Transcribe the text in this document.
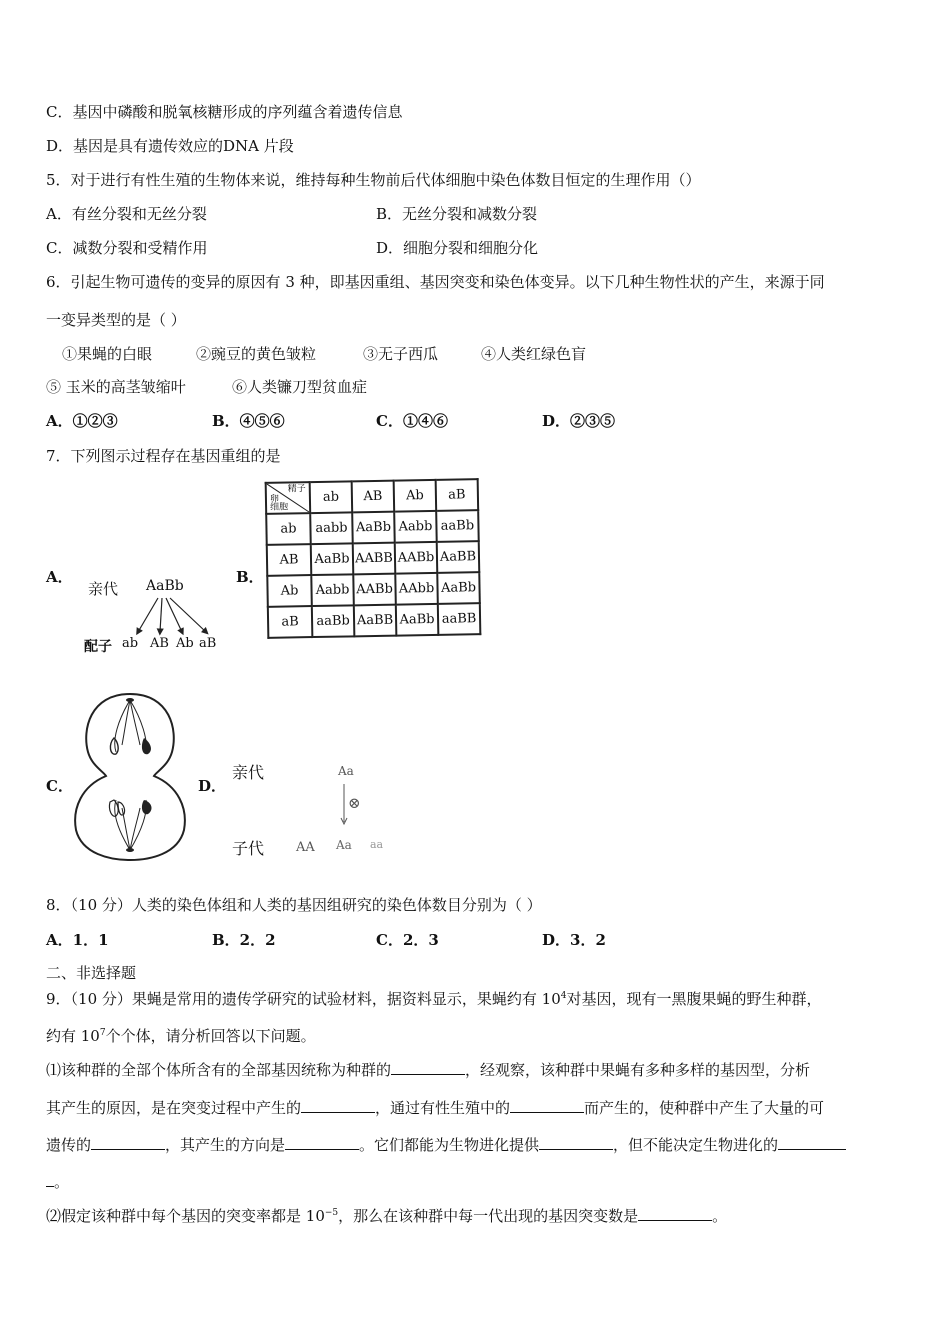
C．基因中磷酸和脱氧核糖形成的序列蕴含着遗传信息
D．基因是具有遗传效应的DNA 片段
5．对于进行有性生殖的生物体来说，维持每种生物前后代体细胞中染色体数目恒定的生理作用（）
A．有丝分裂和无丝分裂	B．无丝分裂和减数分裂
C．减数分裂和受精作用	D．细胞分裂和细胞分化
6．引起生物可遗传的变异的原因有 3 种，即基因重组、基因突变和染色体变异。以下几种生物性状的产生，来源于同
一变异类型的是（ ）
①果蝇的白眼	②豌豆的黄色皱粒	③无子西瓜	④人类红绿色盲
⑤ 玉米的高茎皱缩叶	⑥人类镰刀型贫血症
A．①②③	B．④⑤⑥	C．①④⑥	D．②③⑤
7．下列图示过程存在基因重组的是
A．
亲代 AaBb
配子 ab AB Ab aB
B．
精子
卵
细胞	ab	AB	Ab	aB
ab	aabb	AaBb	Aabb	aaBb
AB	AaBb	AABB	AABb	AaBB
Ab	Aabb	AABb	AAbb	AaBb
aB	aaBb	AaBB	AaBb	aaBB
C．	D．
亲代	Aa
⊗
子代 AA Aa aa
8．（10 分）人类的染色体组和人类的基因组研究的染色体数目分别为（ ）
A．1．1	B．2．2	C．2．3	D．3．2
二、非选择题
9．（10 分）果蝇是常用的遗传学研究的试验材料，据资料显示，果蝇约有 $10^4$对基因，现有一黑腹果蝇的野生种群，
约有 $10^7$个个体，请分析回答以下问题。
⑴该种群的全部个体所含有的全部基因统称为种群的	，经观察，该种群中果蝇有多种多样的基因型，分析
其产生的原因，是在突变过程中产生的	，通过有性生殖中的	而产生的，使种群中产生了大量的可
遗传的	，其产生的方向是	。它们都能为生物进化提供	，但不能决定生物进化的
。
⑵假定该种群中每个基因的突变率都是 $10^{-5}$，那么在该种群中每一代出现的基因突变数是	。
